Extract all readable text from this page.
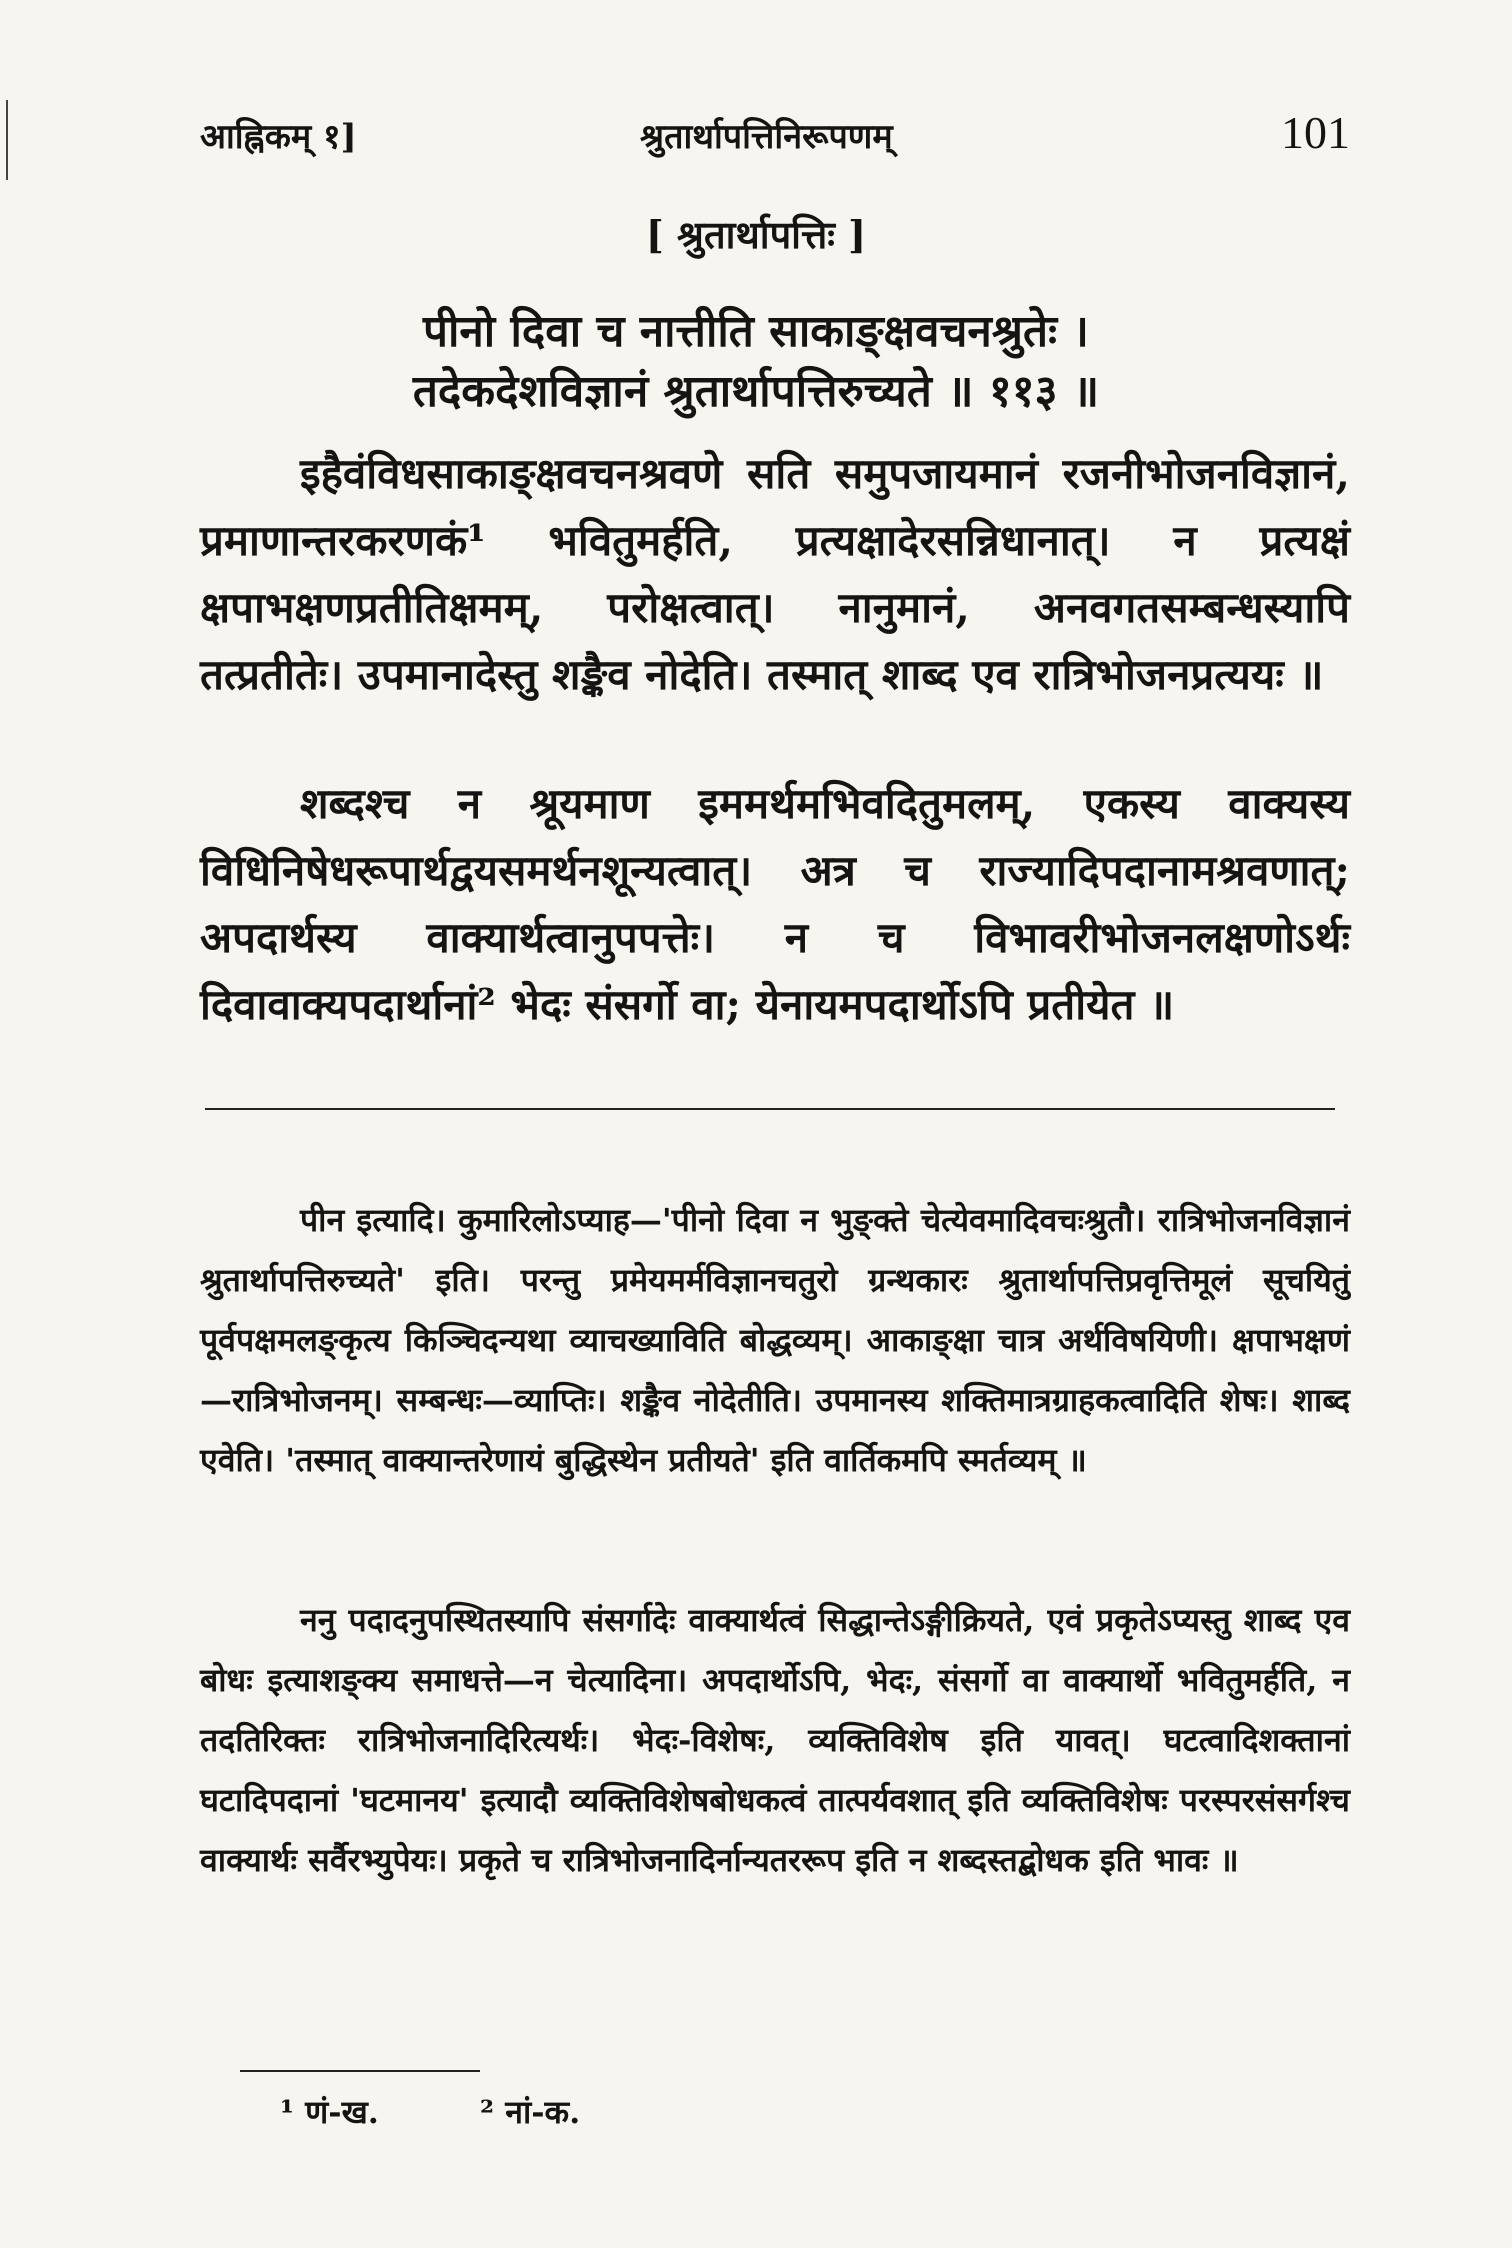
आह्निकम् १]	श्रुतार्थापत्तिनिरूपणम्	101
[ श्रुतार्थापत्तिः ]
पीनो दिवा च नात्तीति साकाङ्क्षवचनश्रुतेः ।
तदेकदेशविज्ञानं श्रुतार्थापत्तिरुच्यते ॥ ११३ ॥
इहैवंविधसाकाङ्क्षवचनश्रवणे सति समुपजायमानं रजनीभोजनविज्ञानं, प्रमाणान्तरकरणकं¹ भवितुमर्हति, प्रत्यक्षादेरसन्निधानात्। न प्रत्यक्षं क्षपाभक्षणप्रतीतिक्षमम्, परोक्षत्वात्। नानुमानं, अनवगतसम्बन्धस्यापि तत्प्रतीतेः। उपमानादेस्तु शङ्कैव नोदेति। तस्मात् शाब्द एव रात्रिभोजनप्रत्ययः ॥
शब्दश्च न श्रूयमाण इममर्थमभिवदितुमलम्, एकस्य वाक्यस्य विधिनिषेधरूपार्थद्वयसमर्थनशून्यत्वात्। अत्र च राज्यादिपदानामश्रवणात्; अपदार्थस्य वाक्यार्थत्वानुपपत्तेः। न च विभावरीभोजनलक्षणोऽर्थः दिवावाक्यपदार्थानां² भेदः संसर्गो वा; येनायमपदार्थोऽपि प्रतीयेत ॥
पीन इत्यादि। कुमारिलोऽप्याह—'पीनो दिवा न भुङ्क्ते चेत्येवमादिवचःश्रुतौ। रात्रिभोजनविज्ञानं श्रुतार्थापत्तिरुच्यते' इति। परन्तु प्रमेयमर्मविज्ञानचतुरो ग्रन्थकारः श्रुतार्थापत्तिप्रवृत्तिमूलं सूचयितुं पूर्वपक्षमलङ्कृत्य किञ्चिदन्यथा व्याचख्याविति बोद्धव्यम्। आकाङ्क्षा चात्र अर्थविषयिणी। क्षपाभक्षणं—रात्रिभोजनम्। सम्बन्धः—व्याप्तिः। शङ्कैव नोदेतीति। उपमानस्य शक्तिमात्रग्राहकत्वादिति शेषः। शाब्द एवेति। 'तस्मात् वाक्यान्तरेणायं बुद्धिस्थेन प्रतीयते' इति वार्तिकमपि स्मर्तव्यम् ॥
ननु पदादनुपस्थितस्यापि संसर्गादेः वाक्यार्थत्वं सिद्धान्तेऽङ्गीक्रियते, एवं प्रकृतेऽप्यस्तु शाब्द एव बोधः इत्याशङ्क्य समाधत्ते—न चेत्यादिना। अपदार्थोऽपि, भेदः, संसर्गो वा वाक्यार्थो भवितुमर्हति, न तदतिरिक्तः रात्रिभोजनादिरित्यर्थः। भेदः-विशेषः, व्यक्तिविशेष इति यावत्। घटत्वादिशक्तानां घटादिपदानां 'घटमानय' इत्यादौ व्यक्तिविशेषबोधकत्वं तात्पर्यवशात् इति व्यक्तिविशेषः परस्परसंसर्गश्च वाक्यार्थः सर्वैरभ्युपेयः। प्रकृते च रात्रिभोजनादिर्नान्यतररूप इति न शब्दस्तद्बोधक इति भावः ॥
¹ णं-ख.	² नां-क.
